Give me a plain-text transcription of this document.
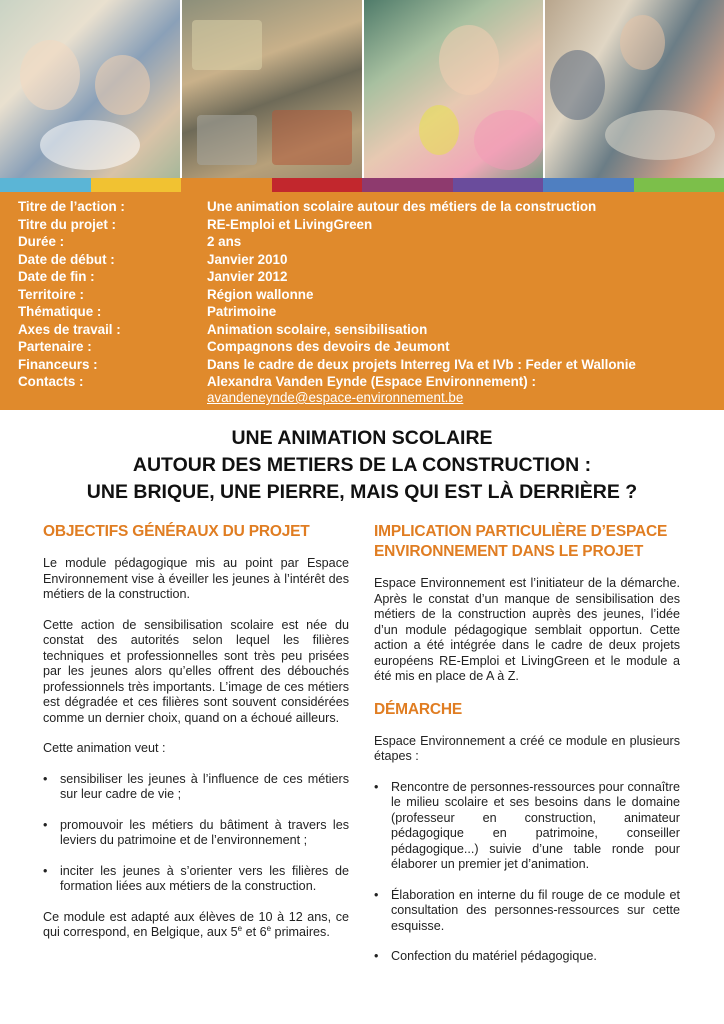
Titre de l’action :	Une animation scolaire autour des métiers de la construction
Titre du projet :	RE-Emploi et LivingGreen
Durée :	2 ans
Date de début :	Janvier 2010
Date de fin :	Janvier 2012
Territoire :	Région wallonne
Thématique :	Patrimoine
Axes de travail :	Animation scolaire, sensibilisation
Partenaire :	Compagnons des devoirs de Jeumont
Financeurs :	Dans le cadre de deux projets Interreg IVa et IVb : Feder et Wallonie
Contacts :	Alexandra Vanden Eynde (Espace Environnement) :
avandeneynde@espace-environnement.be
UNE ANIMATION SCOLAIRE
AUTOUR DES METIERS DE LA CONSTRUCTION :
UNE BRIQUE, UNE PIERRE, MAIS QUI EST LÀ DERRIÈRE ?
OBJECTIFS GÉNÉRAUX DU PROJET

Le module pédagogique mis au point par Espace Environnement vise à éveiller les jeunes à l’intérêt des métiers de la construction.

Cette action de sensibilisation scolaire est née du constat des autorités selon lequel les filières techniques et professionnelles sont très peu prisées par les jeunes alors qu’elles offrent des débouchés professionnels très importants. L’image de ces métiers est dégradée et ces filières sont souvent considérées comme un dernier choix, quand on a échoué ailleurs.

Cette animation veut :

• sensibiliser les jeunes à l’influence de ces métiers sur leur cadre de vie ;
• promouvoir les métiers du bâtiment à travers les leviers du patrimoine et de l’environnement ;
• inciter les jeunes à s’orienter vers les filières de formation liées aux métiers de la construction.

Ce module est adapté aux élèves de 10 à 12 ans, ce qui correspond, en Belgique, aux 5e et 6e primaires.

IMPLICATION PARTICULIÈRE D’ESPACE ENVIRONNEMENT DANS LE PROJET

Espace Environnement est l’initiateur de la démarche. Après le constat d’un manque de sensibilisation des métiers de la construction auprès des jeunes, l’idée d’un module pédagogique semblait opportun. Cette action a été intégrée dans le cadre de deux projets européens RE-Emploi et LivingGreen et le module a été mis en place de A à Z.

DÉMARCHE

Espace Environnement a créé ce module en plusieurs étapes :

• Rencontre de personnes-ressources pour connaître le milieu scolaire et ses besoins dans le domaine (professeur en construction, animateur pédagogique en patrimoine, conseiller pédagogique...) suivie d’une table ronde pour élaborer un premier jet d’animation.
• Élaboration en interne du fil rouge de ce module et consultation des personnes-ressources sur cette esquisse.
• Confection du matériel pédagogique.
